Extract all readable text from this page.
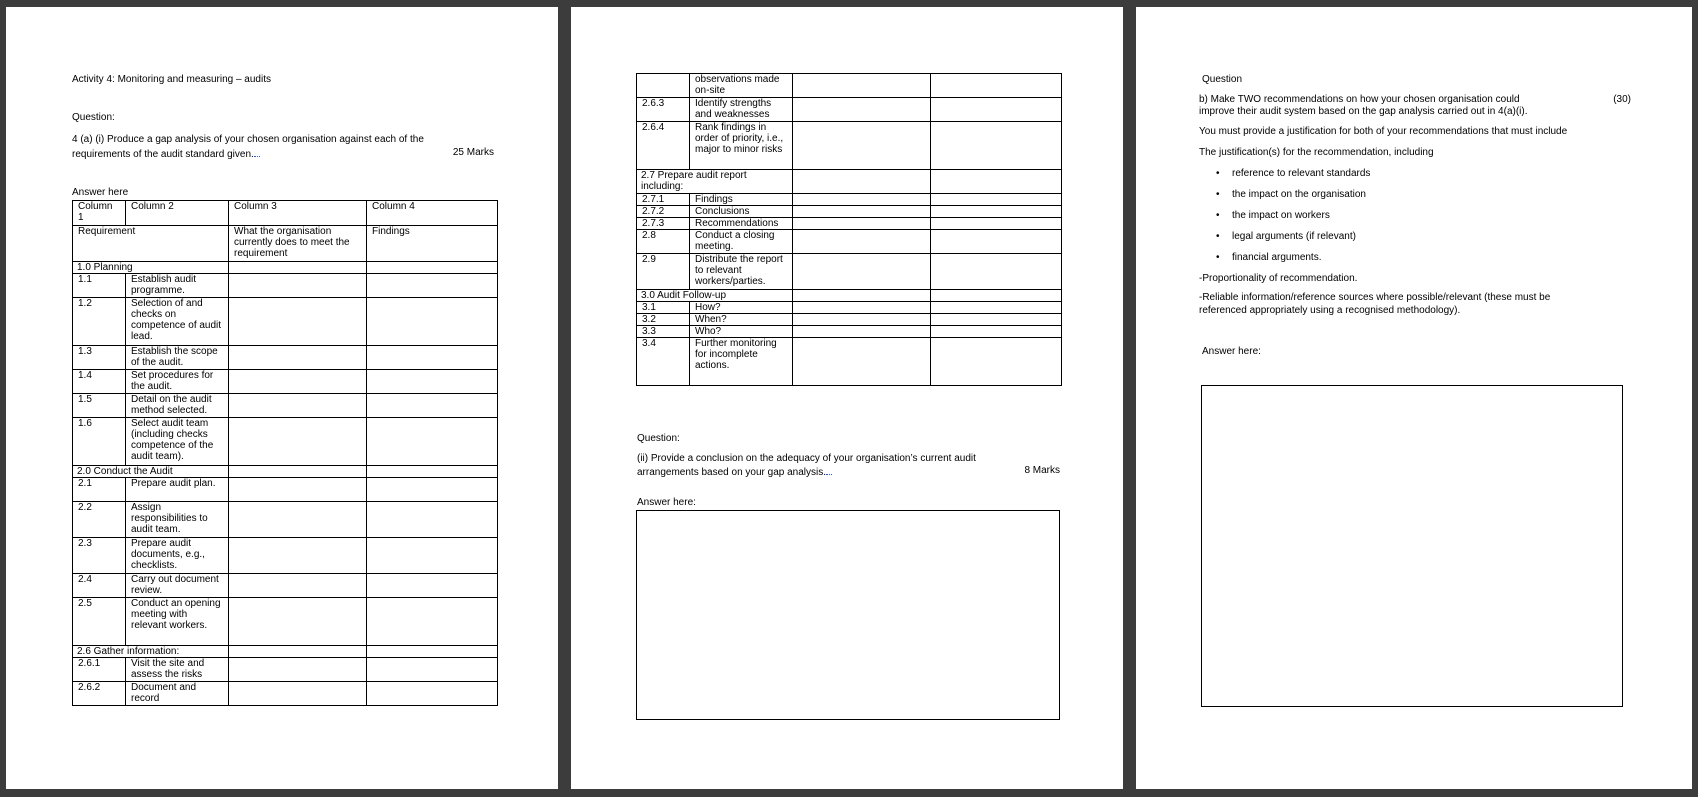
Activity 4: Monitoring and measuring – audits
Question:
4 (a) (i) Produce a gap analysis of your chosen organisation against each of the
requirements of the audit standard given.	25 Marks
Answer here
Column 1	Column 2	Column 3	Column 4
Requirement		What the organisation currently does to meet the requirement	Findings
1.0 Planning			
1.1	Establish audit programme.		
1.2	Selection of and checks on competence of audit lead.		
1.3	Establish the scope of the audit.		
1.4	Set procedures for the audit.		
1.5	Detail on the audit method selected.		
1.6	Select audit team (including checks competence of the audit team).		
2.0 Conduct the Audit			
2.1	Prepare audit plan.		
2.2	Assign responsibilities to audit team.		
2.3	Prepare audit documents, e.g., checklists.		
2.4	Carry out document review.		
2.5	Conduct an opening meeting with relevant workers.		
2.6 Gather information:			
2.6.1	Visit the site and assess the risks		
2.6.2	Document and record		
	observations made on-site		
2.6.3	Identify strengths and weaknesses		
2.6.4	Rank findings in order of priority, i.e., major to minor risks		
2.7 Prepare audit report including:			
2.7.1	Findings		
2.7.2	Conclusions		
2.7.3	Recommendations		
2.8	Conduct a closing meeting.		
2.9	Distribute the report to relevant workers/parties.		
3.0 Audit Follow-up			
3.1	How?		
3.2	When?		
3.3	Who?		
3.4	Further monitoring for incomplete actions.		
Question:
(ii) Provide a conclusion on the adequacy of your organisation’s current audit
arrangements based on your gap analysis.	8 Marks
Answer here:
Question
b) Make TWO recommendations on how your chosen organisation could	(30)
improve their audit system based on the gap analysis carried out in 4(a)(i).
You must provide a justification for both of your recommendations that must include
The justification(s) for the recommendation, including
• reference to relevant standards
• the impact on the organisation
• the impact on workers
• legal arguments (if relevant)
• financial arguments.
-Proportionality of recommendation.
-Reliable information/reference sources where possible/relevant (these must be
referenced appropriately using a recognised methodology).
Answer here:
